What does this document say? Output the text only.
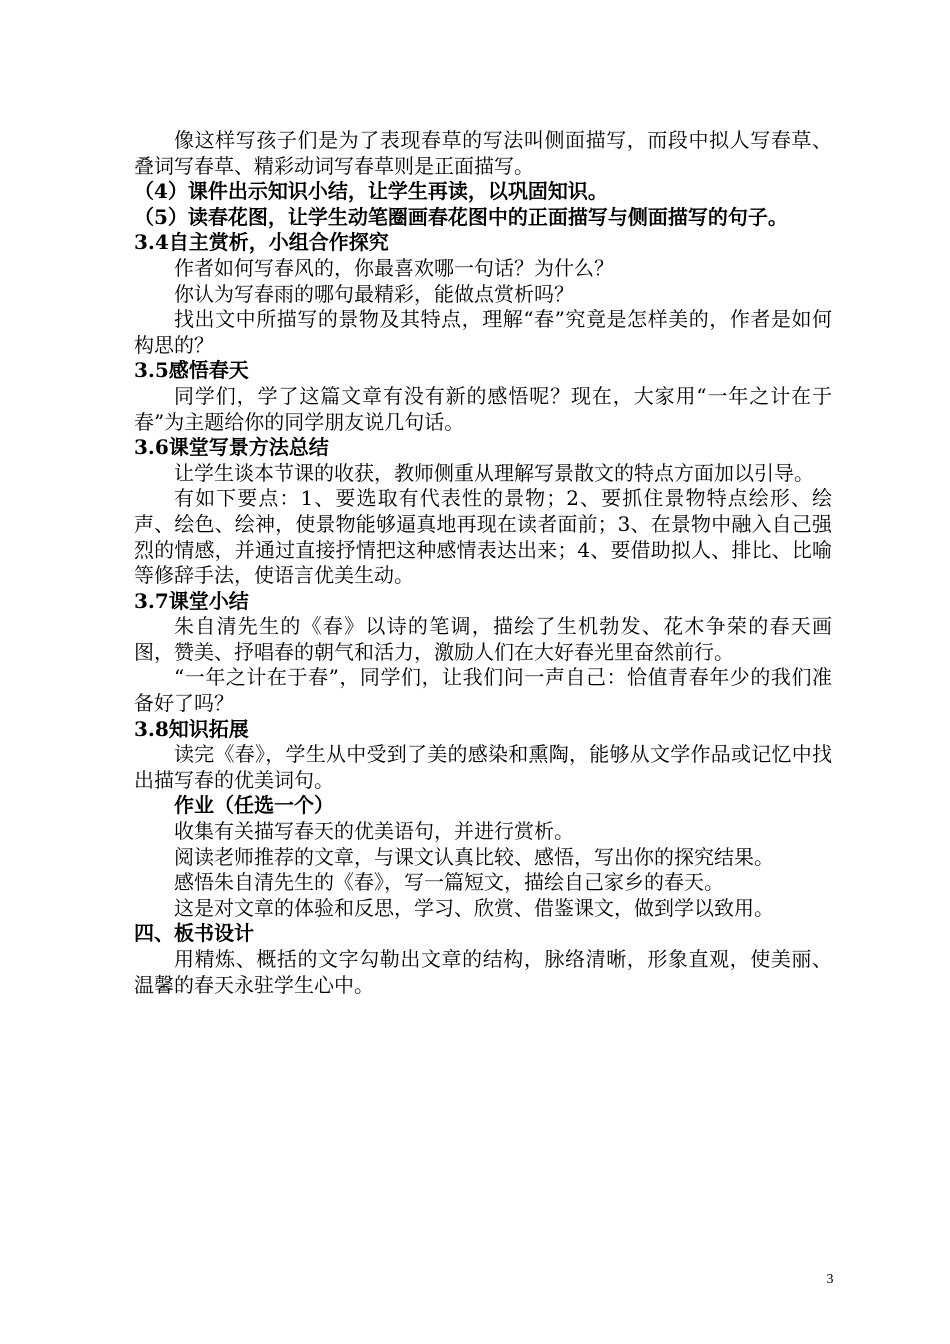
像这样写孩子们是为了表现春草的写法叫侧面描写，而段中拟人写春草、叠词写春草、精彩动词写春草则是正面描写。

（4）课件出示知识小结，让学生再读，以巩固知识。

（5）读春花图，让学生动笔圈画春花图中的正面描写与侧面描写的句子。

3.4自主赏析，小组合作探究

作者如何写春风的，你最喜欢哪一句话？为什么？

你认为写春雨的哪句最精彩，能做点赏析吗？

找出文中所描写的景物及其特点，理解“春”究竟是怎样美的，作者是如何构思的？

3.5感悟春天

同学们，学了这篇文章有没有新的感悟呢？现在，大家用“一年之计在于春”为主题给你的同学朋友说几句话。

3.6课堂写景方法总结

让学生谈本节课的收获，教师侧重从理解写景散文的特点方面加以引导。

有如下要点：1、要选取有代表性的景物；2、要抓住景物特点绘形、绘声、绘色、绘神，使景物能够逼真地再现在读者面前；3、在景物中融入自己强烈的情感，并通过直接抒情把这种感情表达出来；4、要借助拟人、排比、比喻等修辞手法，使语言优美生动。

3.7课堂小结

朱自清先生的《春》以诗的笔调，描绘了生机勃发、花木争荣的春天画图，赞美、抒唱春的朝气和活力，激励人们在大好春光里奋然前行。

“一年之计在于春”，同学们，让我们问一声自己：恰值青春年少的我们准备好了吗？

3.8知识拓展

读完《春》，学生从中受到了美的感染和熏陶，能够从文学作品或记忆中找出描写春的优美词句。

作业（任选一个）

收集有关描写春天的优美语句，并进行赏析。

阅读老师推荐的文章，与课文认真比较、感悟，写出你的探究结果。

感悟朱自清先生的《春》，写一篇短文，描绘自己家乡的春天。

这是对文章的体验和反思，学习、欣赏、借鉴课文，做到学以致用。

四、板书设计

用精炼、概括的文字勾勒出文章的结构，脉络清晰，形象直观，使美丽、温馨的春天永驻学生心中。

3
